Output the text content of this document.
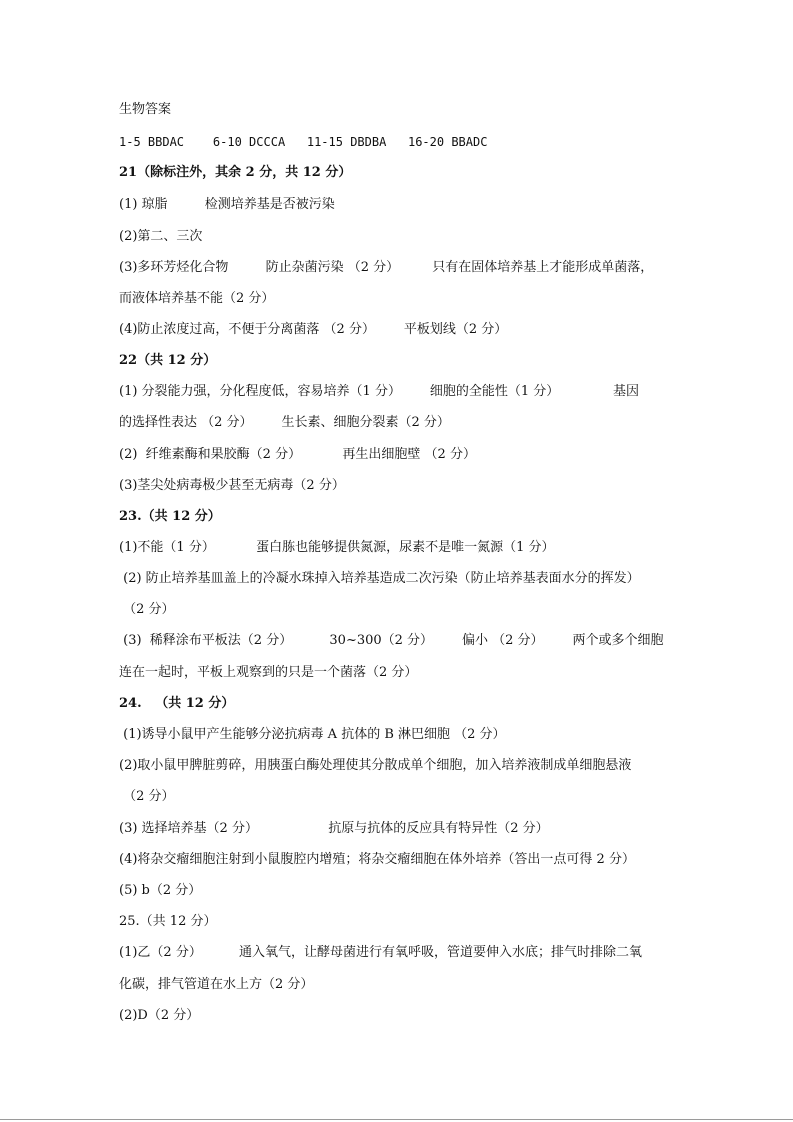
生物答案
1-5 BBDAC    6-10 DCCCA   11-15 DBDBA   16-20 BBADC
21（除标注外，其余 2 分，共 12 分）
(1) 琼脂         检测培养基是否被污染
(2)第二、三次
(3)多环芳烃化合物         防止杂菌污染 （2 分）        只有在固体培养基上才能形成单菌落，
而液体培养基不能（2 分）
(4)防止浓度过高，不便于分离菌落 （2 分）       平板划线（2 分）
22（共 12 分）
(1) 分裂能力强，分化程度低，容易培养（1 分）       细胞的全能性（1 分）             基因
的选择性表达 （2 分）       生长素、细胞分裂素（2 分）
(2)  纤维素酶和果胶酶（2 分）          再生出细胞壁 （2 分）
(3)茎尖处病毒极少甚至无病毒（2 分）
23.（共 12 分）
(1)不能（1 分）          蛋白胨也能够提供氮源，尿素不是唯一氮源（1 分）
(2) 防止培养基皿盖上的冷凝水珠掉入培养基造成二次污染（防止培养基表面水分的挥发）
（2 分）
(3)  稀释涂布平板法（2 分）         30~300（2 分）       偏小 （2 分）       两个或多个细胞
连在一起时，平板上观察到的只是一个菌落（2 分）
24.   （共 12 分）
(1)诱导小鼠甲产生能够分泌抗病毒 A 抗体的 B 淋巴细胞 （2 分）
(2)取小鼠甲脾脏剪碎，用胰蛋白酶处理使其分散成单个细胞，加入培养液制成单细胞悬液
（2 分）
(3) 选择培养基（2 分）                 抗原与抗体的反应具有特异性（2 分）
(4)将杂交瘤细胞注射到小鼠腹腔内增殖；将杂交瘤细胞在体外培养（答出一点可得 2 分）
(5) b（2 分）
25.（共 12 分）
(1)乙（2 分）         通入氧气，让酵母菌进行有氧呼吸，管道要伸入水底；排气时排除二氧
化碳，排气管道在水上方（2 分）
(2)D（2 分）
